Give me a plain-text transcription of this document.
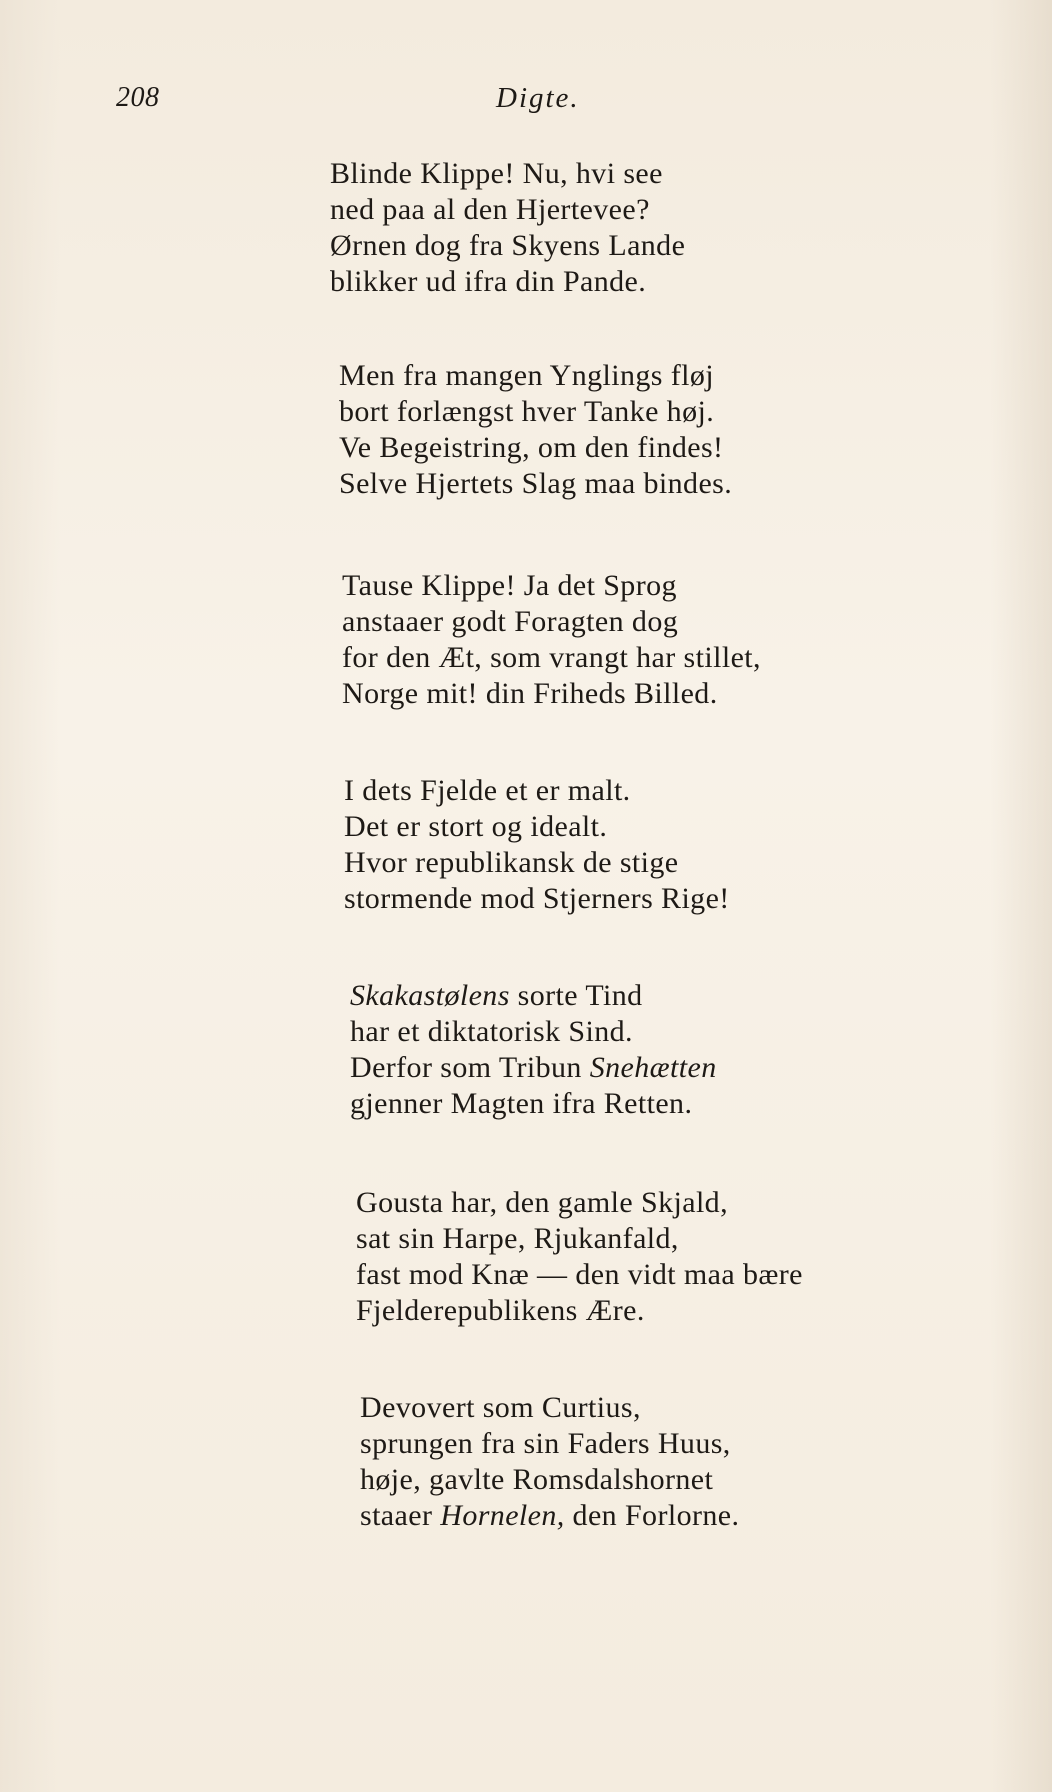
208	Digte.
Blinde Klippe! Nu, hvi see
ned paa al den Hjertevee?
Ørnen dog fra Skyens Lande
blikker ud ifra din Pande.
Men fra mangen Ynglings fløj
bort forlængst hver Tanke høj.
Ve Begeistring, om den findes!
Selve Hjertets Slag maa bindes.
Tause Klippe! Ja det Sprog
anstaaer godt Foragten dog
for den Æt, som vrangt har stillet,
Norge mit! din Friheds Billed.
I dets Fjelde et er malt.
Det er stort og idealt.
Hvor republikansk de stige
stormende mod Stjerners Rige!
Skakastølens sorte Tind
har et diktatorisk Sind.
Derfor som Tribun Snehætten
gjenner Magten ifra Retten.
Gousta har, den gamle Skjald,
sat sin Harpe, Rjukanfald,
fast mod Knæ — den vidt maa bære
Fjelderepublikens Ære.
Devovert som Curtius,
sprungen fra sin Faders Huus,
høje, gavlte Romsdalshornet
staaer Hornelen, den Forlorne.
